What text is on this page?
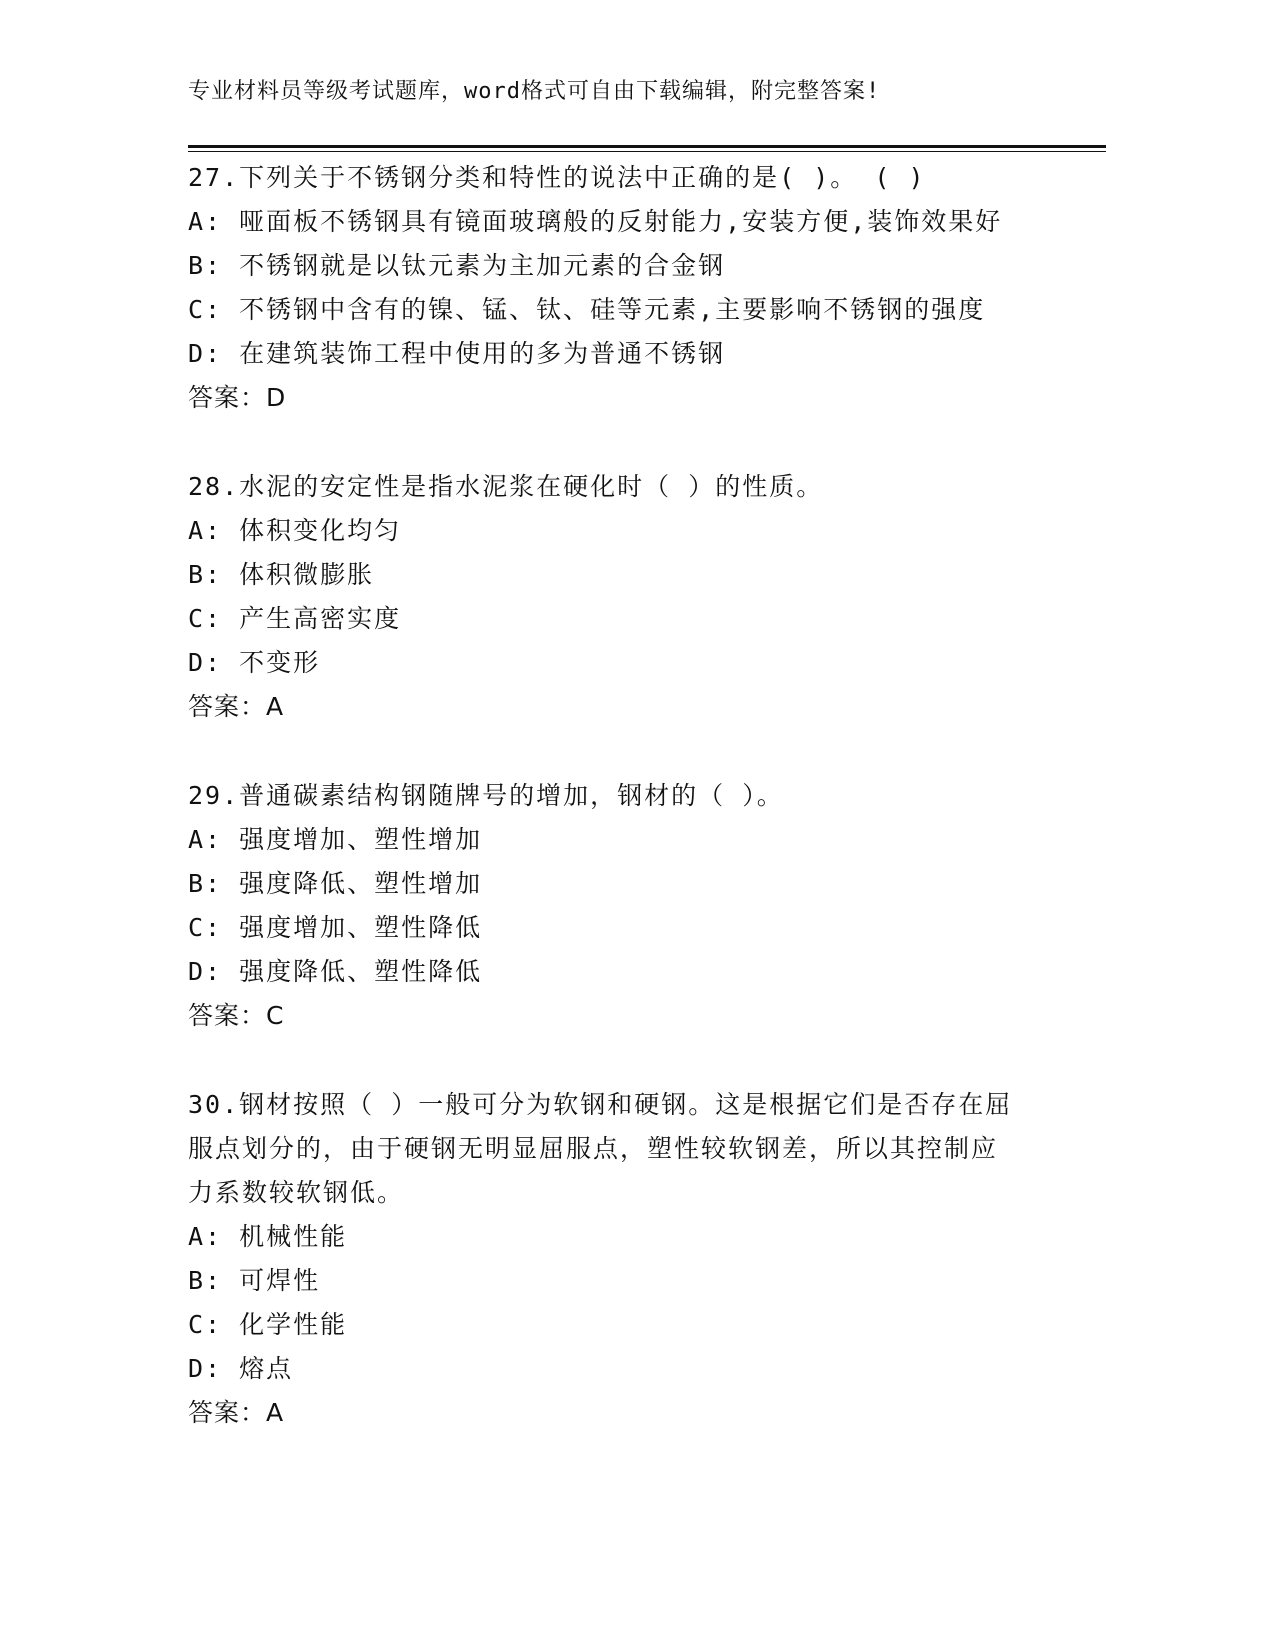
专业材料员等级考试题库，word格式可自由下载编辑，附完整答案!
27.下列关于不锈钢分类和特性的说法中正确的是( )。 ( )
A: 哑面板不锈钢具有镜面玻璃般的反射能力,安装方便,装饰效果好
B: 不锈钢就是以钛元素为主加元素的合金钢
C: 不锈钢中含有的镍、锰、钛、硅等元素,主要影响不锈钢的强度
D: 在建筑装饰工程中使用的多为普通不锈钢
答案：D
28.水泥的安定性是指水泥浆在硬化时（ ）的性质。
A: 体积变化均匀
B: 体积微膨胀
C: 产生高密实度
D: 不变形
答案：A
29.普通碳素结构钢随牌号的增加，钢材的（ ）。
A: 强度增加、塑性增加
B: 强度降低、塑性增加
C: 强度增加、塑性降低
D: 强度降低、塑性降低
答案：C
30.钢材按照（ ）一般可分为软钢和硬钢。这是根据它们是否存在屈
服点划分的，由于硬钢无明显屈服点，塑性较软钢差，所以其控制应
力系数较软钢低。
A: 机械性能
B: 可焊性
C: 化学性能
D: 熔点
答案：A
